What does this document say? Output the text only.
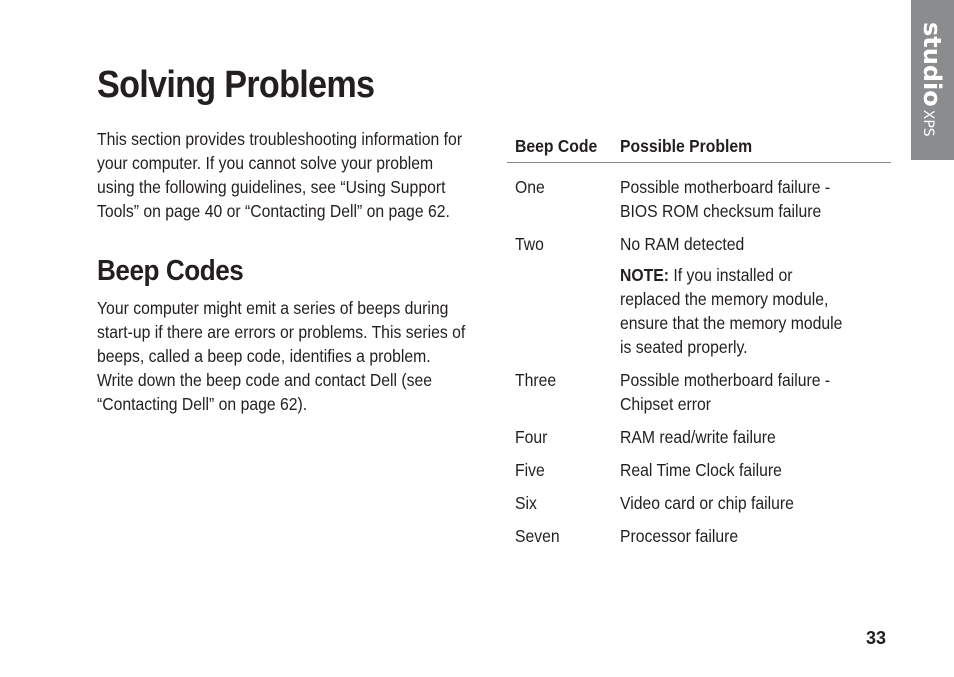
studioXPS
Solving Problems

This section provides troubleshooting information for your computer. If you cannot solve your problem using the following guidelines, see “Using Support Tools” on page 40 or “Contacting Dell” on page 62.

Beep Codes

Your computer might emit a series of beeps during start-up if there are errors or problems. This series of beeps, called a beep code, identifies a problem. Write down the beep code and contact Dell (see “Contacting Dell” on page 62).

Beep Code	Possible Problem
One	Possible motherboard failure -
BIOS ROM checksum failure

Two	No RAM detected

	NOTE: If you installed or
replaced the memory module,
ensure that the memory module
is seated properly.

Three	Possible motherboard failure -
Chipset error

Four	RAM read/write failure

Five	Real Time Clock failure

Six	Video card or chip failure

Seven	Processor failure

33
